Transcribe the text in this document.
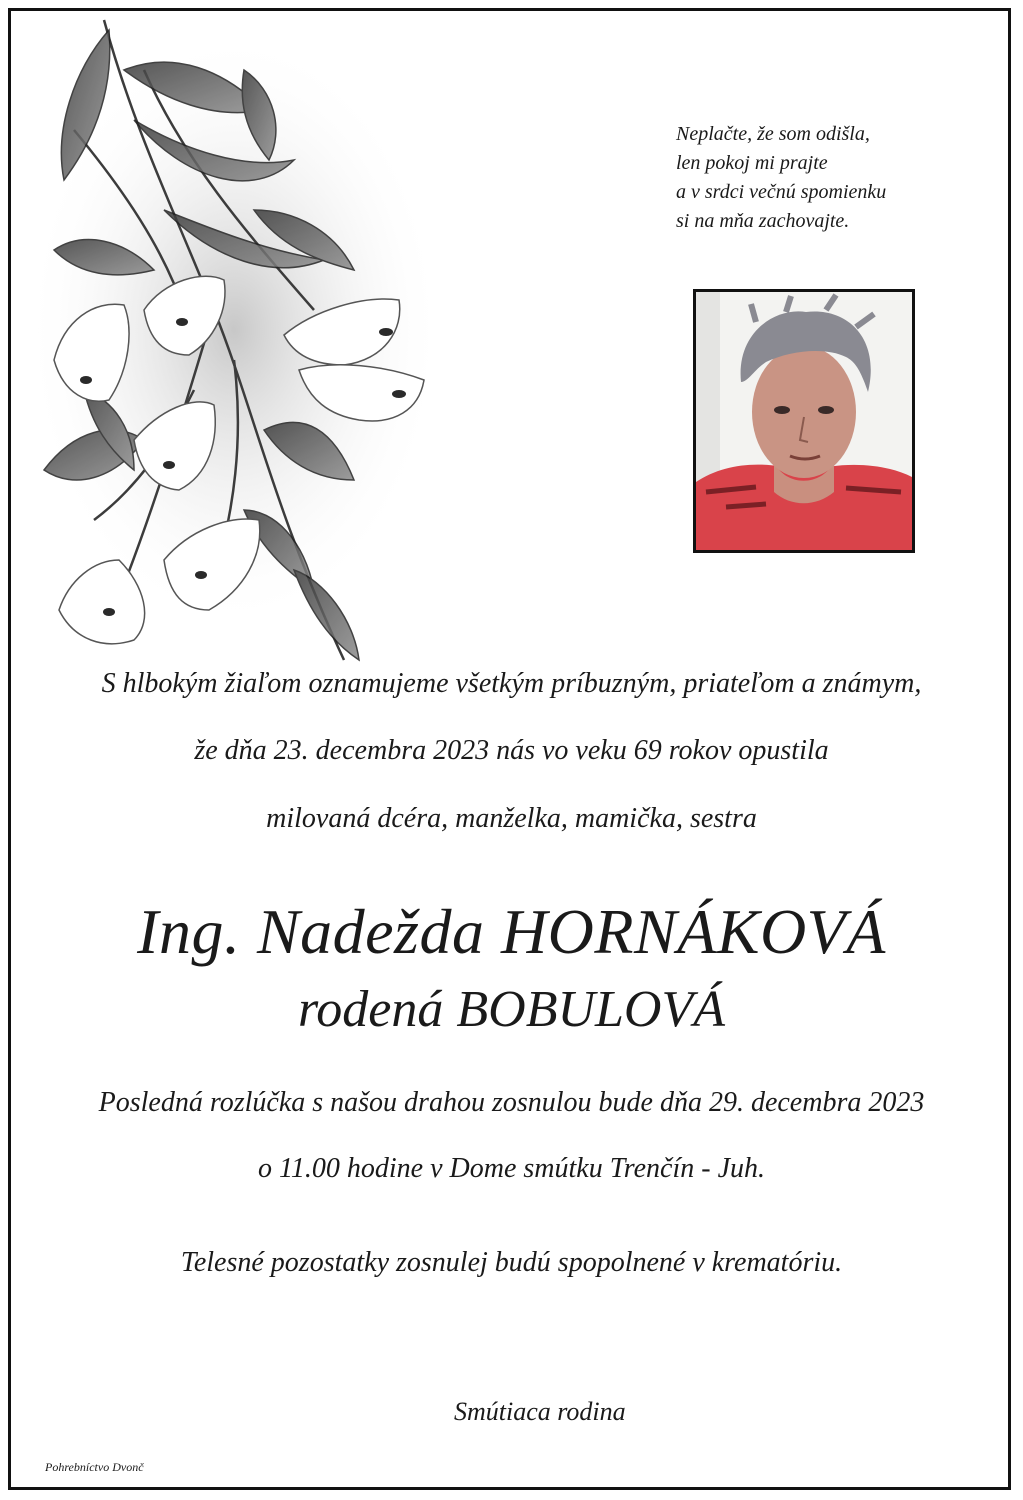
Neplačte, že som odišla,
len pokoj mi prajte
a v srdci večnú spomienku
si na mňa zachovajte.
S hlbokým žiaľom oznamujeme všetkým príbuzným, priateľom a známym,
že dňa 23. decembra 2023 nás vo veku 69 rokov opustila
milovaná dcéra, manželka, mamička, sestra
Ing. Nadežda HORNÁKOVÁ
rodená BOBULOVÁ
Posledná rozlúčka s našou drahou zosnulou bude dňa 29. decembra 2023
o 11.00 hodine v Dome smútku Trenčín - Juh.
Telesné pozostatky zosnulej budú spopolnené v krematóriu.
Smútiaca rodina
Pohrebníctvo Dvonč
